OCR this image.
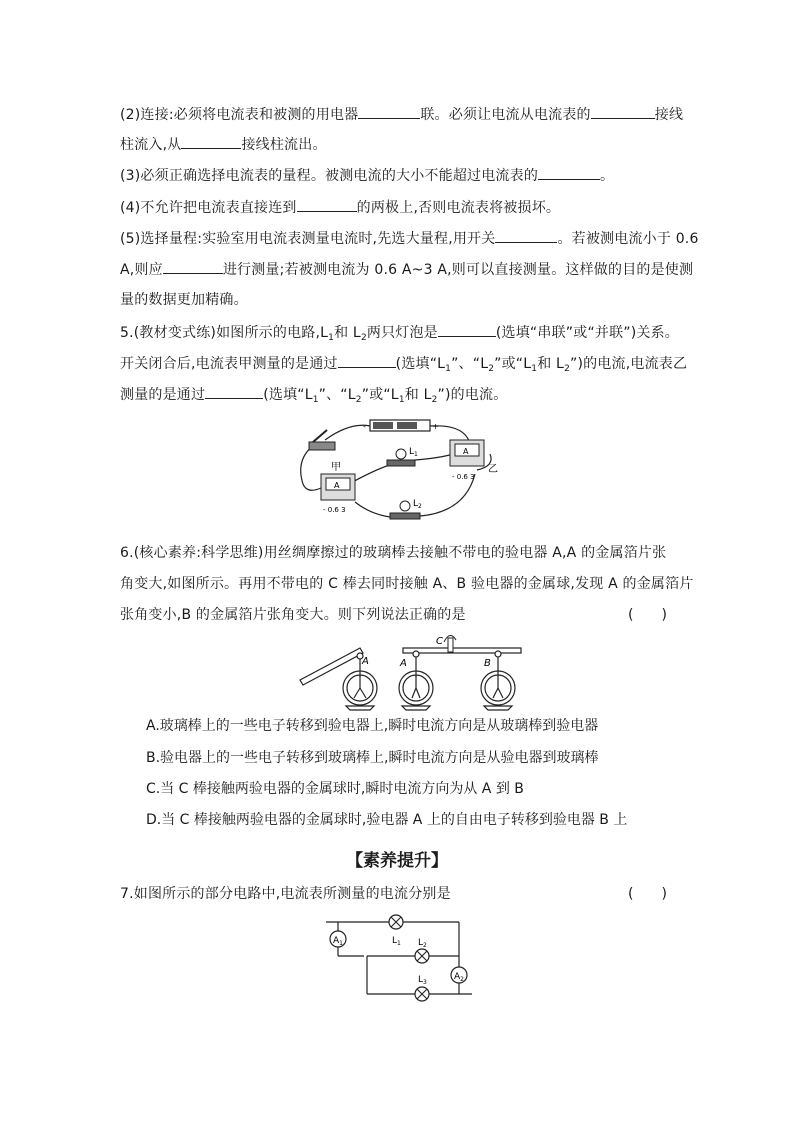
(2)连接:必须将电流表和被测的用电器	联。必须让电流从电流表的	接线
柱流入,从	接线柱流出。
(3)必须正确选择电流表的量程。被测电流的大小不能超过电流表的	。
(4)不允许把电流表直接连到	的两极上,否则电流表将被损坏。
(5)选择量程:实验室用电流表测量电流时,先选大量程,用开关	。若被测电流小于 0.6
A,则应	进行测量;若被测电流为 0.6 A~3 A,则可以直接测量。这样做的目的是使测
量的数据更加精确。
5.(教材变式练)如图所示的电路$,L_1$和 $L_2$两只灯泡是	(选填“串联”或“并联”)关系。
开关闭合后,电流表甲测量的是通过	(选填“$L_1$”、“$L_2$”或“$L_1$和 $L_2$”)的电流,电流表乙
测量的是通过	(选填“$L_1$”、“$L_2$”或“$L_1$和 $L_2$”)的电流。
-	+
A
- 0.6 3
甲
A
- 0.6 3
乙
$L_1$
$L_2$
6.(核心素养:科学思维)用丝绸摩擦过的玻璃棒去接触不带电的验电器 A,A 的金属箔片张
角变大,如图所示。再用不带电的 C 棒去同时接触 A、B 验电器的金属球,发现 A 的金属箔片
张角变小,B 的金属箔片张角变大。则下列说法正确的是	(　　)
A
C
A	B
A.玻璃棒上的一些电子转移到验电器上,瞬时电流方向是从玻璃棒到验电器
B.验电器上的一些电子转移到玻璃棒上,瞬时电流方向是从验电器到玻璃棒
C.当 C 棒接触两验电器的金属球时,瞬时电流方向为从 A 到 B
D.当 C 棒接触两验电器的金属球时,验电器 A 上的自由电子转移到验电器 B 上
【素养提升】
7.如图所示的部分电路中,电流表所测量的电流分别是	(　　)
$A_1$
$A_2$
$L_1$ $L_2$
$L_3$
